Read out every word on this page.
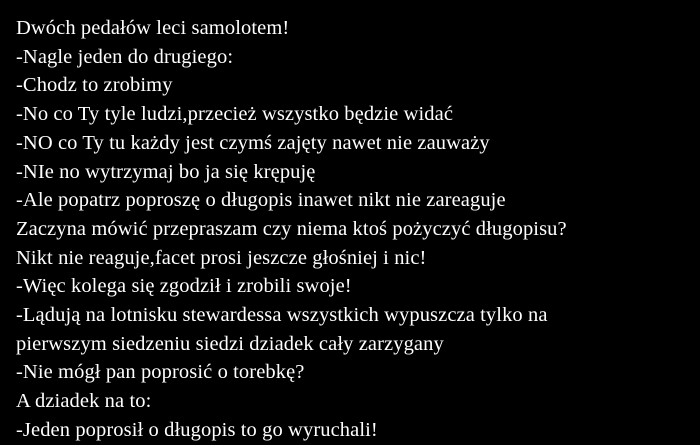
Dwóch pedałów leci samolotem!
-Nagle jeden do drugiego:
-Chodz to zrobimy
-No co Ty tyle ludzi,przecież wszystko będzie widać
-NO co Ty tu każdy jest czymś zajęty nawet nie zauważy
-NIe no wytrzymaj bo ja się krępuję
-Ale popatrz poproszę o długopis inawet nikt nie zareaguje
Zaczyna mówić przepraszam czy niema ktoś pożyczyć długopisu?
Nikt nie reaguje,facet prosi jeszcze głośniej i nic!
-Więc kolega się zgodził i zrobili swoje!
-Lądują na lotnisku stewardessa wszystkich wypuszcza tylko na
pierwszym siedzeniu siedzi dziadek cały zarzygany
-Nie mógł pan poprosić o torebkę?
A dziadek na to:
-Jeden poprosił o długopis to go wyruchali!
